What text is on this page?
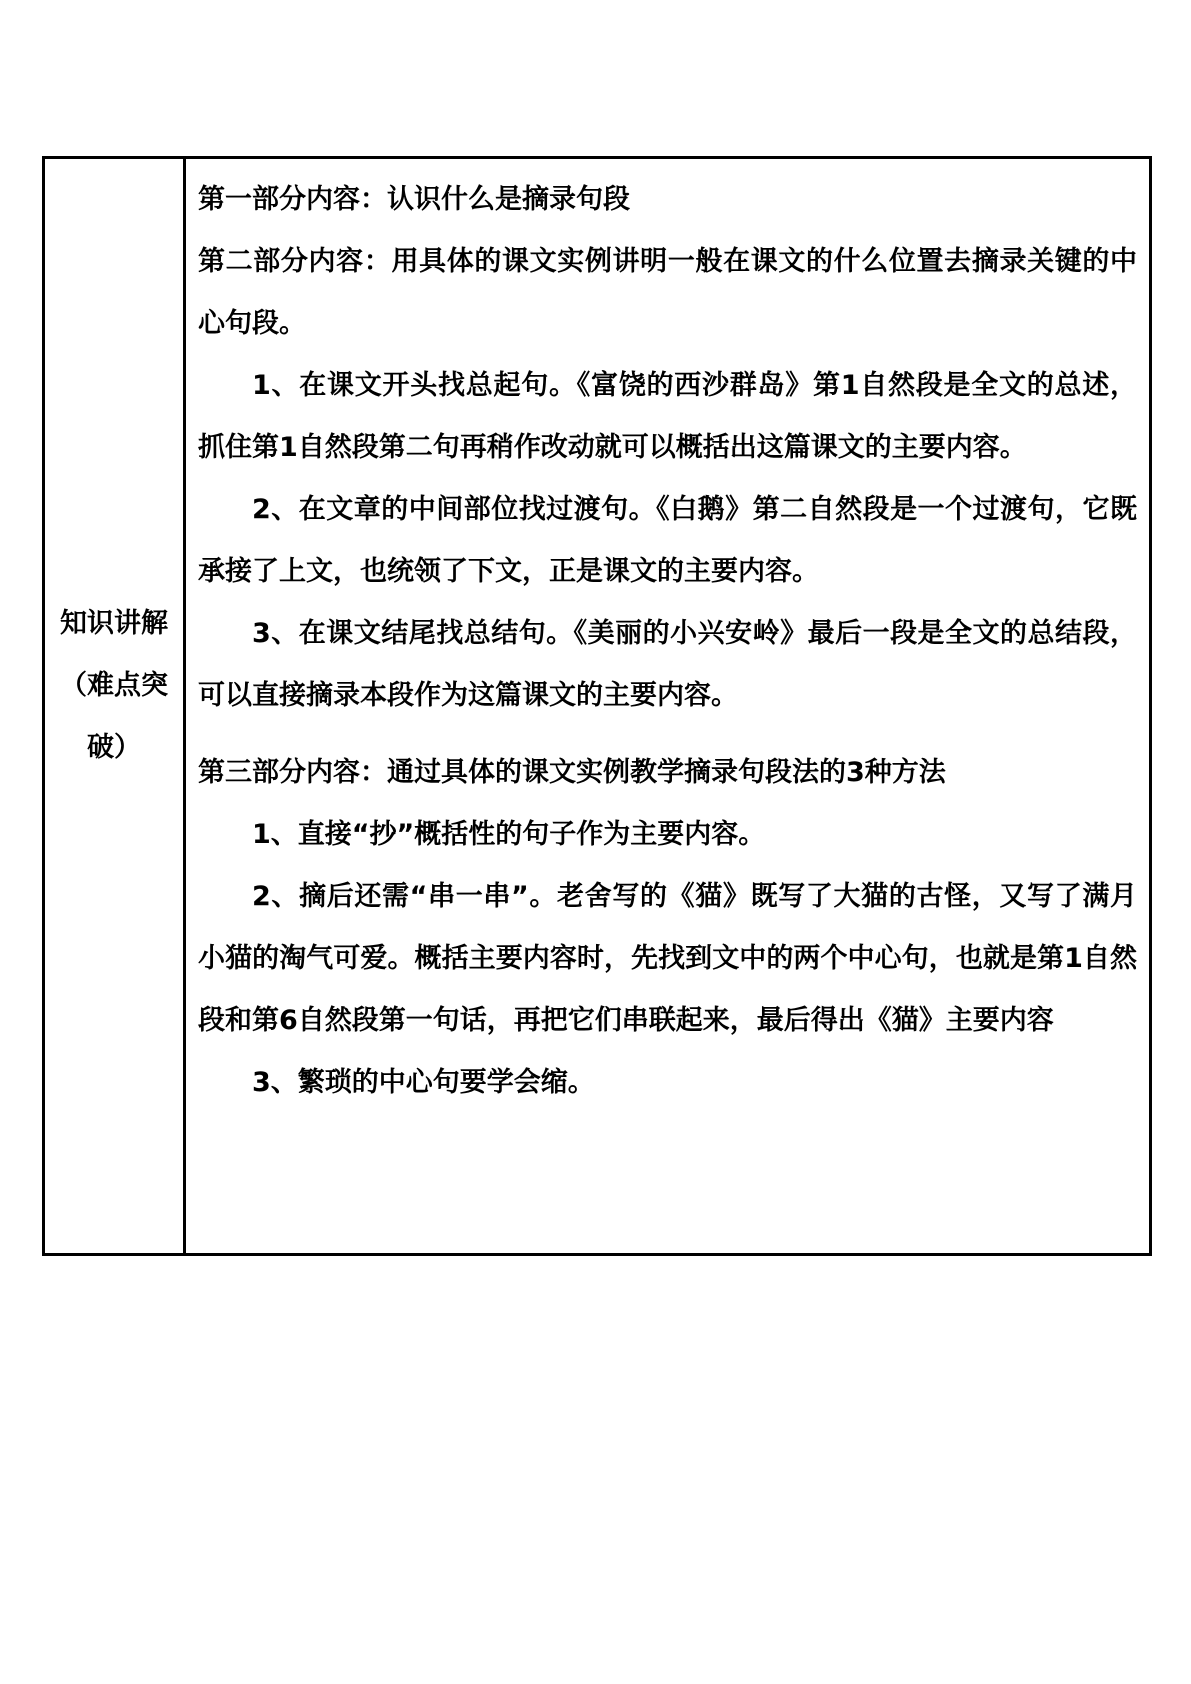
知识讲解（难点突破）

第一部分内容：认识什么是摘录句段

第二部分内容：用具体的课文实例讲明一般在课文的什么位置去摘录关键的中心句段。

1、在课文开头找总起句。《富饶的西沙群岛》第1自然段是全文的总述，抓住第1自然段第二句再稍作改动就可以概括出这篇课文的主要内容。

2、在文章的中间部位找过渡句。《白鹅》第二自然段是一个过渡句，它既承接了上文，也统领了下文，正是课文的主要内容。

3、在课文结尾找总结句。《美丽的小兴安岭》最后一段是全文的总结段，可以直接摘录本段作为这篇课文的主要内容。

第三部分内容：通过具体的课文实例教学摘录句段法的3种方法

1、直接“抄”概括性的句子作为主要内容。

2、摘后还需“串一串”。老舍写的《猫》既写了大猫的古怪，又写了满月小猫的淘气可爱。概括主要内容时，先找到文中的两个中心句，也就是第1自然段和第6自然段第一句话，再把它们串联起来，最后得出《猫》主要内容

3、繁琐的中心句要学会缩。
